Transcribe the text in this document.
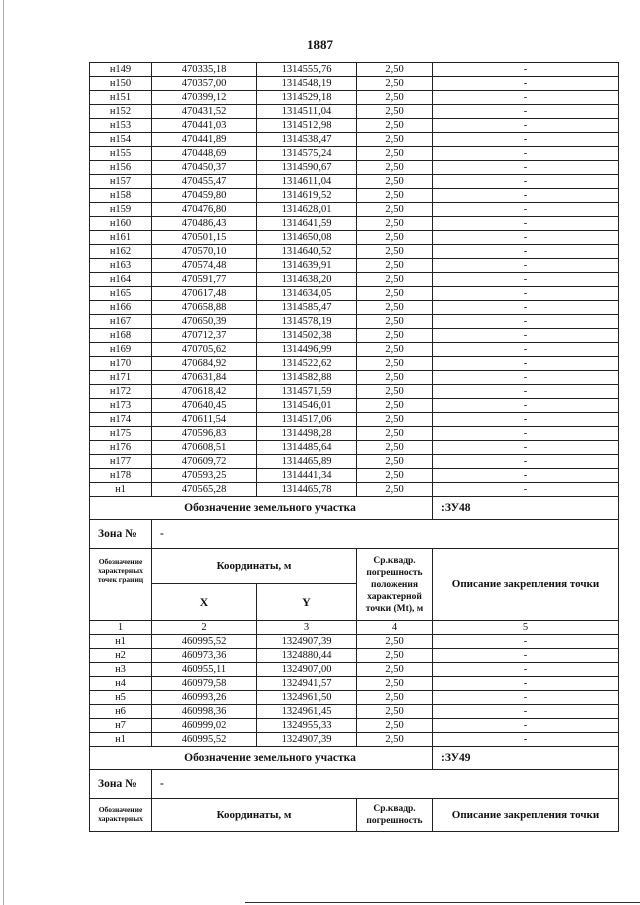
1887
н149	470335,18	1314555,76	2,50	-
н150	470357,00	1314548,19	2,50	-
н151	470399,12	1314529,18	2,50	-
н152	470431,52	1314511,04	2,50	-
н153	470441,03	1314512,98	2,50	-
н154	470441,89	1314538,47	2,50	-
н155	470448,69	1314575,24	2,50	-
н156	470450,37	1314590,67	2,50	-
н157	470455,47	1314611,04	2,50	-
н158	470459,80	1314619,52	2,50	-
н159	470476,80	1314628,01	2,50	-
н160	470486,43	1314641,59	2,50	-
н161	470501,15	1314650,08	2,50	-
н162	470570,10	1314640,52	2,50	-
н163	470574,48	1314639,91	2,50	-
н164	470591,77	1314638,20	2,50	-
н165	470617,48	1314634,05	2,50	-
н166	470658,88	1314585,47	2,50	-
н167	470650,39	1314578,19	2,50	-
н168	470712,37	1314502,38	2,50	-
н169	470705,62	1314496,99	2,50	-
н170	470684,92	1314522,62	2,50	-
н171	470631,84	1314582,88	2,50	-
н172	470618,42	1314571,59	2,50	-
н173	470640,45	1314546,01	2,50	-
н174	470611,54	1314517,06	2,50	-
н175	470596,83	1314498,28	2,50	-
н176	470608,51	1314485,64	2,50	-
н177	470609,72	1314465,89	2,50	-
н178	470593,25	1314441,34	2,50	-
н1	470565,28	1314465,78	2,50	-
Обозначение земельного участка				:ЗУ48
Зона №	-			
Обозначение характерных точек границ	Координаты, м		Ср.квадр. погрешность положения характерной точки (Mt), м	Описание закрепления точки
	X	Y		
1	2	3	4	5
н1	460995,52	1324907,39	2,50	-
н2	460973,36	1324880,44	2,50	-
н3	460955,11	1324907,00	2,50	-
н4	460979,58	1324941,57	2,50	-
н5	460993,26	1324961,50	2,50	-
н6	460998,36	1324961,45	2,50	-
н7	460999,02	1324955,33	2,50	-
н1	460995,52	1324907,39	2,50	-
Обозначение земельного участка				:ЗУ49
Зона №	-			
Обозначение характерных	Координаты, м		Ср.квадр. погрешность	Описание закрепления точки
